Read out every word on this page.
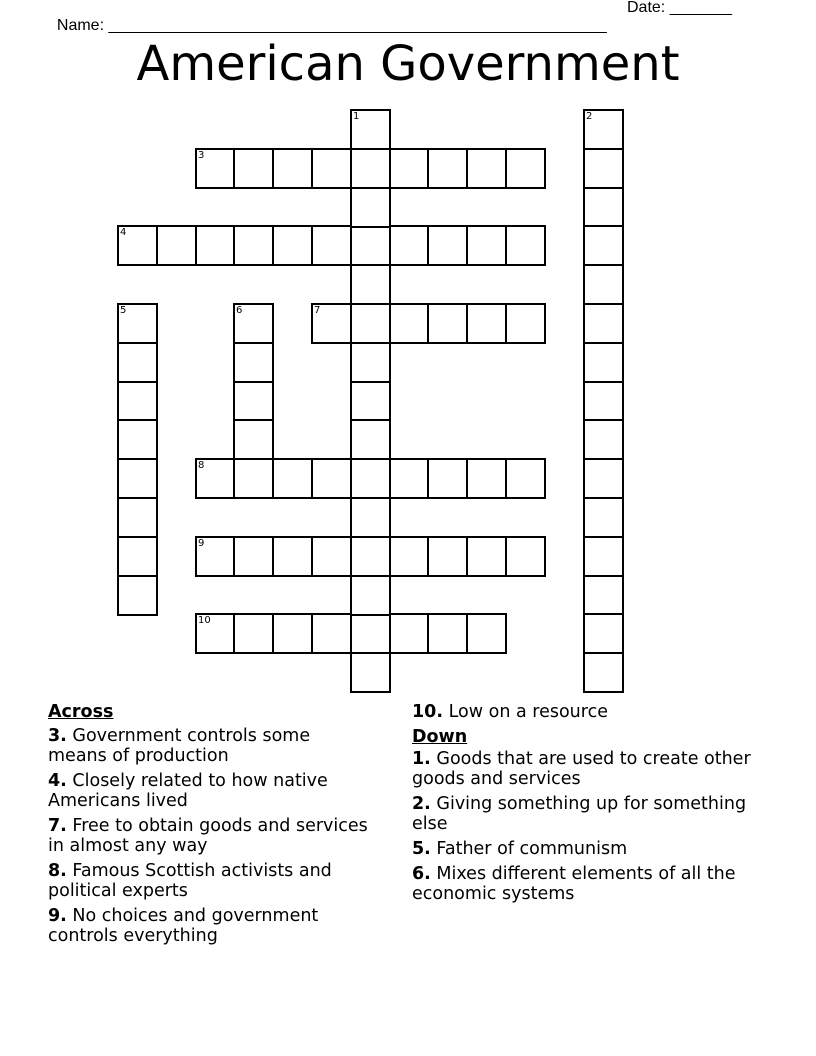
Name: ________________________________________________________

Date: _______

American Government
3
4
7
8
9
10
1	2
5	6
Across
3. Government controls some means of production
4. Closely related to how native Americans lived
7. Free to obtain goods and services in almost any way
8. Famous Scottish activists and political experts
9. No choices and government controls everything
10. Low on a resource
Down
1. Goods that are used to create other goods and services
2. Giving something up for something else
5. Father of communism
6. Mixes different elements of all the economic systems
